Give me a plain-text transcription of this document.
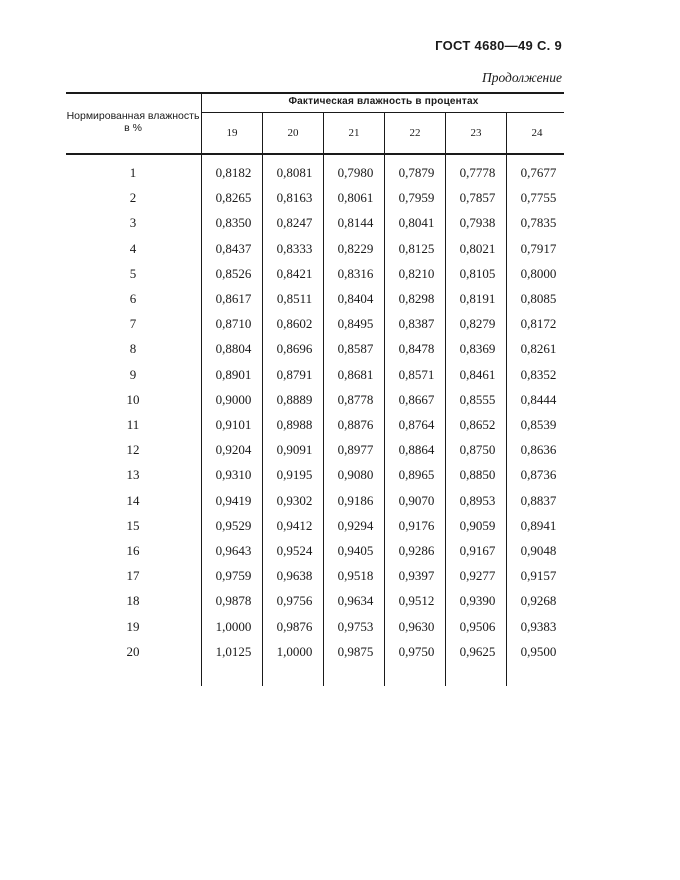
ГОСТ 4680—49 С. 9
Продолжение
Нормированная влажность в %
Фактическая влажность в процентах
19	20	21	22	23	24
1	0,8182	0,8081	0,7980	0,7879	0,7778	0,7677
2	0,8265	0,8163	0,8061	0,7959	0,7857	0,7755
3	0,8350	0,8247	0,8144	0,8041	0,7938	0,7835
4	0,8437	0,8333	0,8229	0,8125	0,8021	0,7917
5	0,8526	0,8421	0,8316	0,8210	0,8105	0,8000
6	0,8617	0,8511	0,8404	0,8298	0,8191	0,8085
7	0,8710	0,8602	0,8495	0,8387	0,8279	0,8172
8	0,8804	0,8696	0,8587	0,8478	0,8369	0,8261
9	0,8901	0,8791	0,8681	0,8571	0,8461	0,8352
10	0,9000	0,8889	0,8778	0,8667	0,8555	0,8444
11	0,9101	0,8988	0,8876	0,8764	0,8652	0,8539
12	0,9204	0,9091	0,8977	0,8864	0,8750	0,8636
13	0,9310	0,9195	0,9080	0,8965	0,8850	0,8736
14	0,9419	0,9302	0,9186	0,9070	0,8953	0,8837
15	0,9529	0,9412	0,9294	0,9176	0,9059	0,8941
16	0,9643	0,9524	0,9405	0,9286	0,9167	0,9048
17	0,9759	0,9638	0,9518	0,9397	0,9277	0,9157
18	0,9878	0,9756	0,9634	0,9512	0,9390	0,9268
19	1,0000	0,9876	0,9753	0,9630	0,9506	0,9383
20	1,0125	1,0000	0,9875	0,9750	0,9625	0,9500
